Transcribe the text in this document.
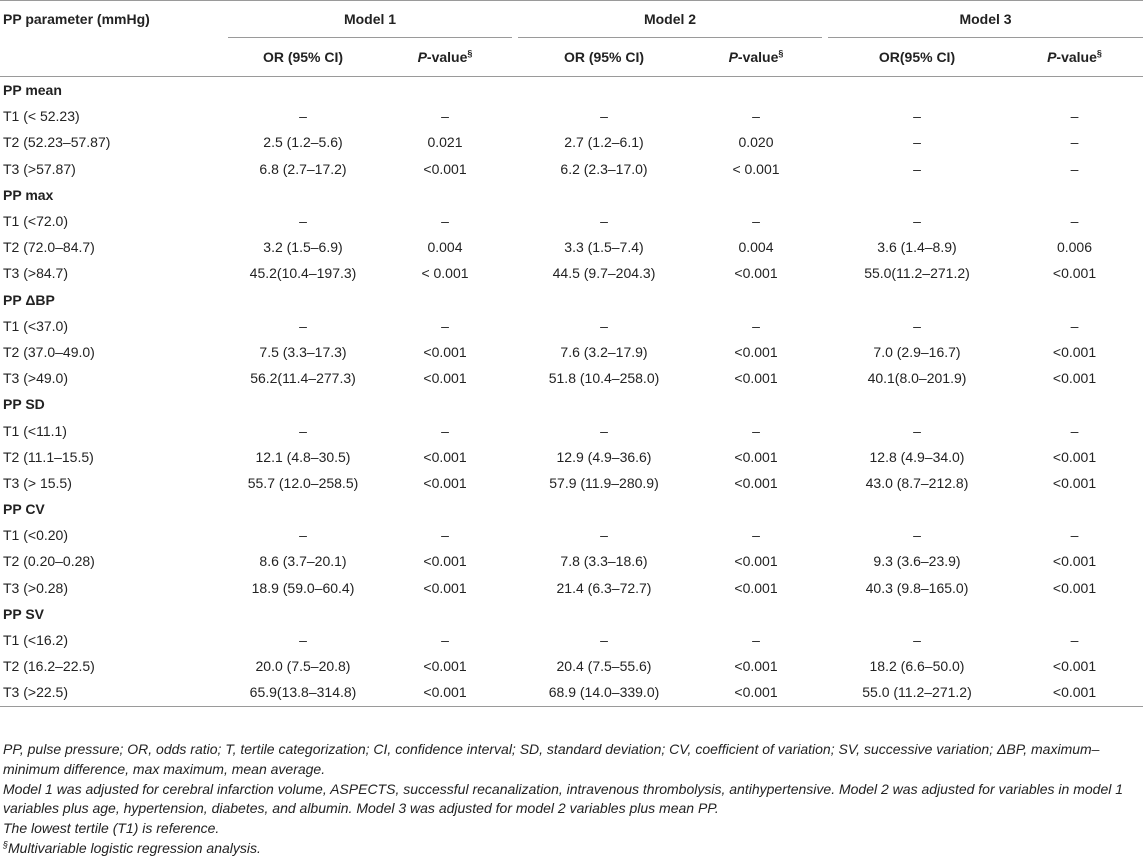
PP parameter (mmHg)	Model 1			Model 2			Model 3	
	OR (95% CI)	P-value§		OR (95% CI)	P-value§		OR(95% CI)	P-value§
PP mean								
T1 (< 52.23)	–	–		–	–		–	–
T2 (52.23–57.87)	2.5 (1.2–5.6)	0.021		2.7 (1.2–6.1)	0.020		–	–
T3 (>57.87)	6.8 (2.7–17.2)	<0.001		6.2 (2.3–17.0)	< 0.001		–	–
PP max								
T1 (<72.0)	–	–		–	–		–	–
T2 (72.0–84.7)	3.2 (1.5–6.9)	0.004		3.3 (1.5–7.4)	0.004		3.6 (1.4–8.9)	0.006
T3 (>84.7)	45.2(10.4–197.3)	< 0.001		44.5 (9.7–204.3)	<0.001		55.0(11.2–271.2)	<0.001
PP ΔBP								
T1 (<37.0)	–	–		–	–		–	–
T2 (37.0–49.0)	7.5 (3.3–17.3)	<0.001		7.6 (3.2–17.9)	<0.001		7.0 (2.9–16.7)	<0.001
T3 (>49.0)	56.2(11.4–277.3)	<0.001		51.8 (10.4–258.0)	<0.001		40.1(8.0–201.9)	<0.001
PP SD								
T1 (<11.1)	–	–		–	–		–	–
T2 (11.1–15.5)	12.1 (4.8–30.5)	<0.001		12.9 (4.9–36.6)	<0.001		12.8 (4.9–34.0)	<0.001
T3 (> 15.5)	55.7 (12.0–258.5)	<0.001		57.9 (11.9–280.9)	<0.001		43.0 (8.7–212.8)	<0.001
PP CV								
T1 (<0.20)	–	–		–	–		–	–
T2 (0.20–0.28)	8.6 (3.7–20.1)	<0.001		7.8 (3.3–18.6)	<0.001		9.3 (3.6–23.9)	<0.001
T3 (>0.28)	18.9 (59.0–60.4)	<0.001		21.4 (6.3–72.7)	<0.001		40.3 (9.8–165.0)	<0.001
PP SV								
T1 (<16.2)	–	–		–	–		–	–
T2 (16.2–22.5)	20.0 (7.5–20.8)	<0.001		20.4 (7.5–55.6)	<0.001		18.2 (6.6–50.0)	<0.001
T3 (>22.5)	65.9(13.8–314.8)	<0.001		68.9 (14.0–339.0)	<0.001		55.0 (11.2–271.2)	<0.001

PP, pulse pressure; OR, odds ratio; T, tertile categorization; CI, confidence interval; SD, standard deviation; CV, coefficient of variation; SV, successive variation; ΔBP, maximum–minimum difference, max maximum, mean average.

Model 1 was adjusted for cerebral infarction volume, ASPECTS, successful recanalization, intravenous thrombolysis, antihypertensive. Model 2 was adjusted for variables in model 1 variables plus age, hypertension, diabetes, and albumin. Model 3 was adjusted for model 2 variables plus mean PP.

The lowest tertile (T1) is reference.

§Multivariable logistic regression analysis.
